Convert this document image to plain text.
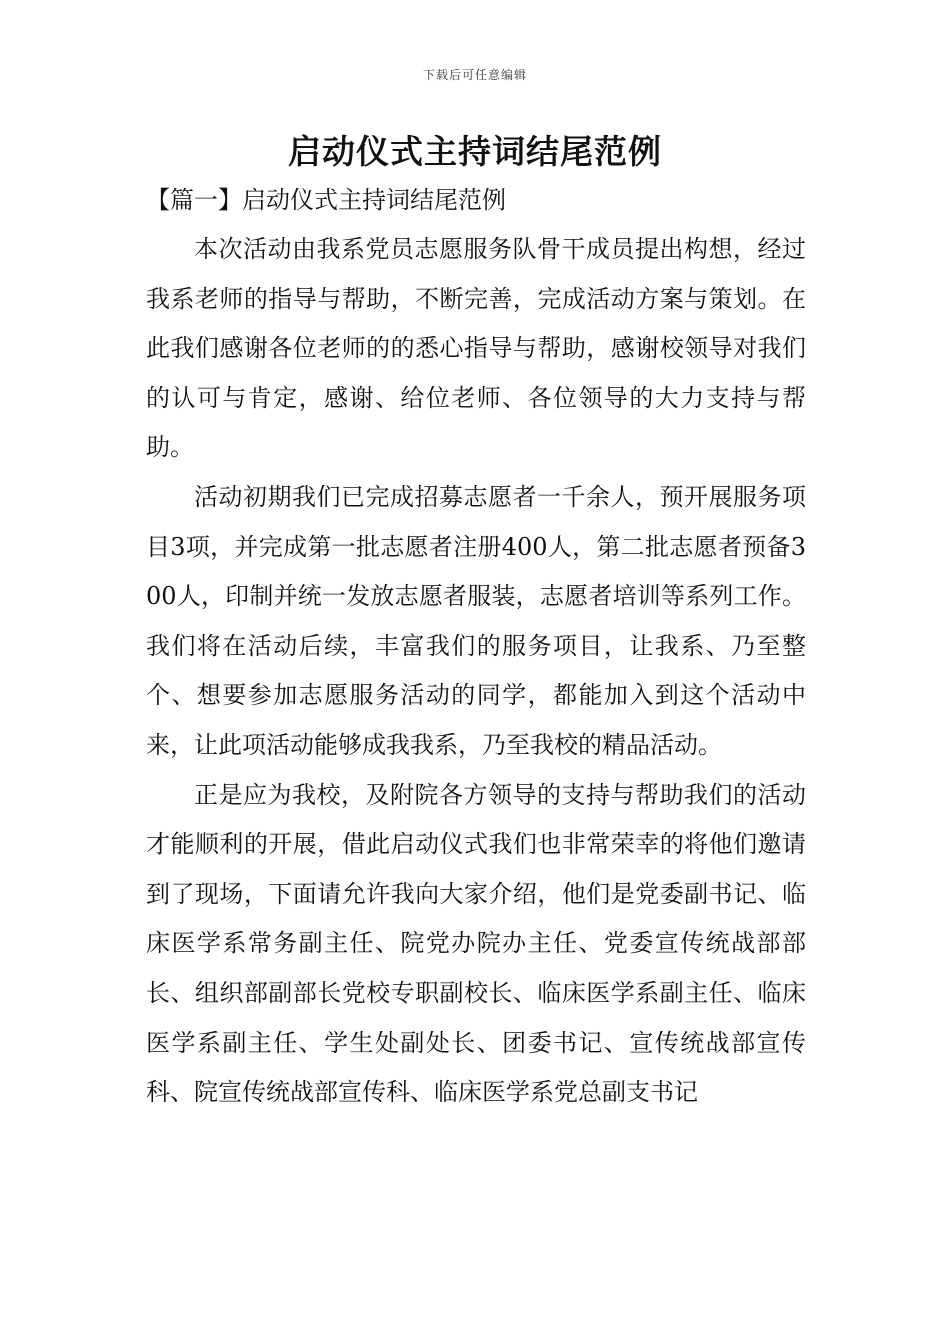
下载后可任意编辑
启动仪式主持词结尾范例

【篇一】启动仪式主持词结尾范例

本次活动由我系党员志愿服务队骨干成员提出构想，经过我系老师的指导与帮助，不断完善，完成活动方案与策划。在此我们感谢各位老师的的悉心指导与帮助，感谢校领导对我们的认可与肯定，感谢、给位老师、各位领导的大力支持与帮助。

活动初期我们已完成招募志愿者一千余人，预开展服务项目3项，并完成第一批志愿者注册400人，第二批志愿者预备300人，印制并统一发放志愿者服装，志愿者培训等系列工作。我们将在活动后续，丰富我们的服务项目，让我系、乃至整个、想要参加志愿服务活动的同学，都能加入到这个活动中来，让此项活动能够成我我系，乃至我校的精品活动。

正是应为我校，及附院各方领导的支持与帮助我们的活动才能顺利的开展，借此启动仪式我们也非常荣幸的将他们邀请到了现场，下面请允许我向大家介绍，他们是党委副书记、临床医学系常务副主任、院党办院办主任、党委宣传统战部部长、组织部副部长党校专职副校长、临床医学系副主任、临床医学系副主任、学生处副处长、团委书记、宣传统战部宣传科、院宣传统战部宣传科、临床医学系党总副支书记
